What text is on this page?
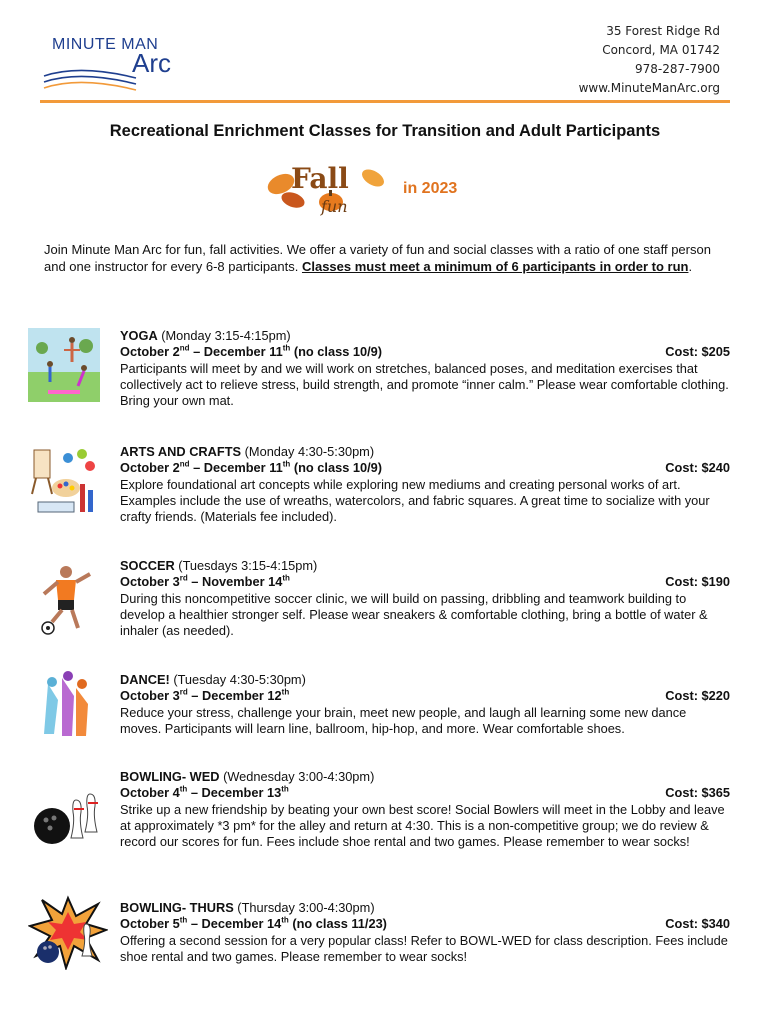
MINUTE MAN
Arc
35 Forest Ridge Rd
Concord, MA 01742
978-287-7900
www.MinuteManArc.org
Recreational Enrichment Classes for Transition and Adult Participants
Fall
fun
in 2023
Join Minute Man Arc for fun, fall activities. We offer a variety of fun and social classes with a ratio of one staff person and one instructor for every 6-8 participants. Classes must meet a minimum of 6 participants in order to run.
YOGA (Monday 3:15-4:15pm)
October 2nd – December 11th (no class 10/9)	Cost: $205
Participants will meet by and we will work on stretches, balanced poses, and meditation exercises that collectively act to relieve stress, build strength, and promote “inner calm.” Please wear comfortable clothing. Bring your own mat.
ARTS AND CRAFTS (Monday 4:30-5:30pm)
October 2nd – December 11th (no class 10/9)	Cost: $240
Explore foundational art concepts while exploring new mediums and creating personal works of art. Examples include the use of wreaths, watercolors, and fabric squares. A great time to socialize with your crafty friends. (Materials fee included).
SOCCER (Tuesdays 3:15-4:15pm)
October 3rd – November 14th	Cost: $190
During this noncompetitive soccer clinic, we will build on passing, dribbling and teamwork building to develop a healthier stronger self. Please wear sneakers & comfortable clothing, bring a bottle of water & inhaler (as needed).
DANCE! (Tuesday 4:30-5:30pm)
October 3rd – December 12th	Cost: $220
Reduce your stress, challenge your brain, meet new people, and laugh all learning some new dance moves. Participants will learn line, ballroom, hip-hop, and more. Wear comfortable shoes.
BOWLING- WED (Wednesday 3:00-4:30pm)
October 4th – December 13th	Cost: $365
Strike up a new friendship by beating your own best score! Social Bowlers will meet in the Lobby and leave at approximately *3 pm* for the alley and return at 4:30. This is a non-competitive group; we do review & record our scores for fun. Fees include shoe rental and two games. Please remember to wear socks!
BOWLING- THURS (Thursday 3:00-4:30pm)
October 5th – December 14th (no class 11/23)	Cost: $340
Offering a second session for a very popular class! Refer to BOWL-WED for class description. Fees include shoe rental and two games. Please remember to wear socks!
